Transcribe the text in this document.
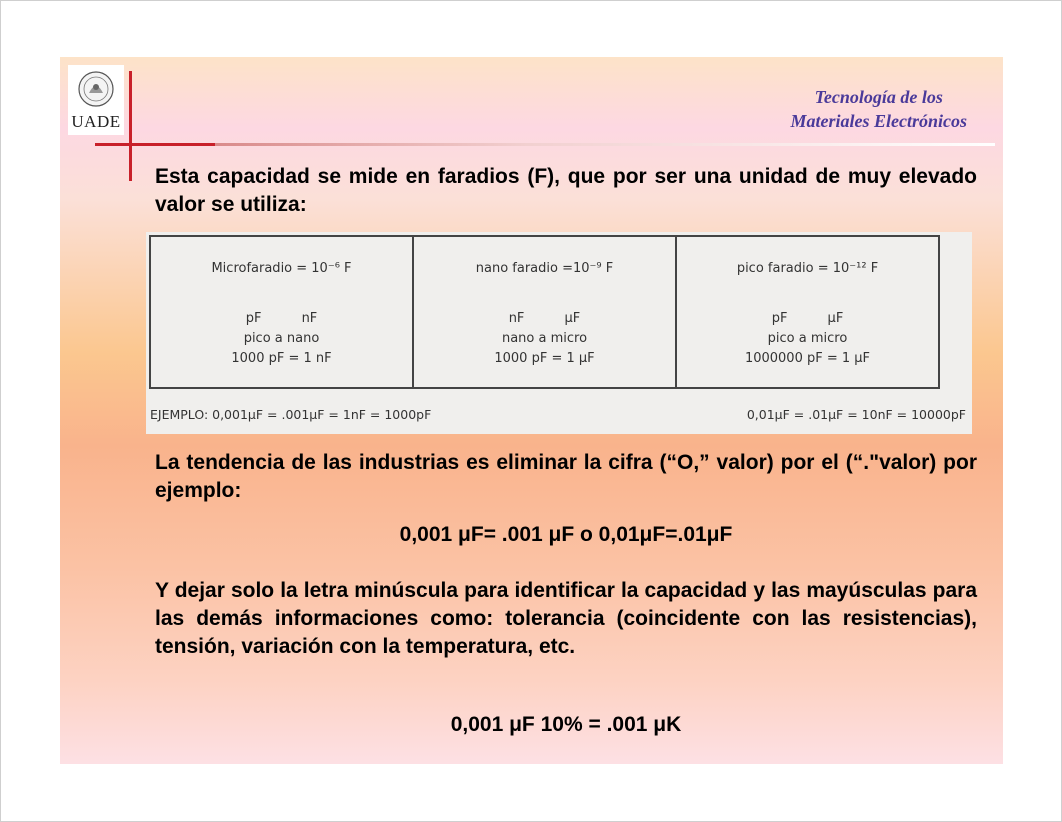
UADE
Tecnología de los
Materiales Electrónicos
Esta capacidad se mide en faradios (F), que por ser una unidad de muy elevado valor se utiliza:
Microfaradio = 10⁻⁶ F
pF nF
pico a nano
1000 pF = 1 nF
nano faradio =10⁻⁹ F
nF μF
nano a micro
1000 pF = 1 μF
pico faradio = 10⁻¹² F
pF μF
pico a micro
1000000 pF = 1 μF
EJEMPLO: 0,001μF = .001μF = 1nF = 1000pF	0,01μF = .01μF = 10nF = 10000pF
La tendencia de las industrias es eliminar la cifra (“O,” valor) por el (“."valor) por ejemplo:
0,001 μF= .001 μF o 0,01μF=.01μF
Y dejar solo la letra minúscula para identificar la capacidad y las mayúsculas para las demás informaciones como: tolerancia (coincidente con las resistencias), tensión, variación con la temperatura, etc.
0,001 μF 10% = .001 μK
